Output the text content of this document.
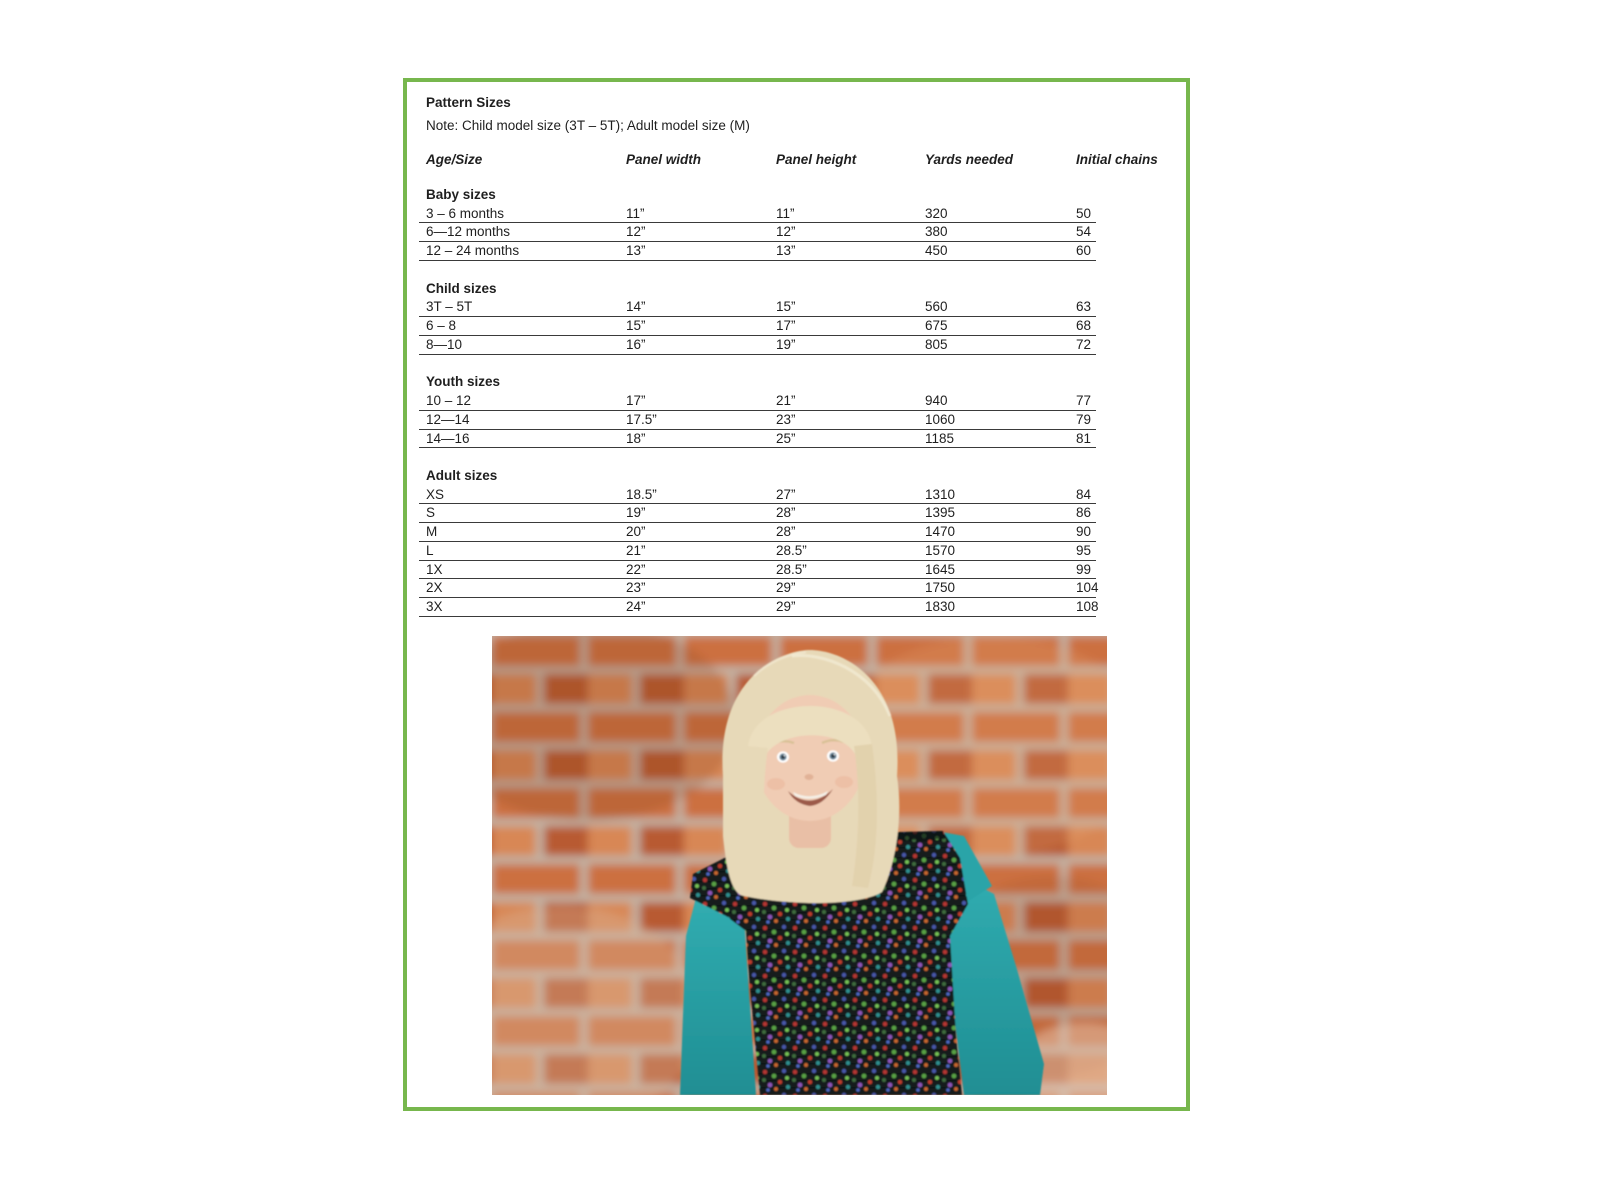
Pattern Sizes
Note: Child model size (3T – 5T); Adult model size (M)
Age/Size	Panel width	Panel height	Yards needed	Initial chains
Baby sizes
3 – 6 months	11”	11”	320	50
6—12 months	12”	12”	380	54
12 – 24 months	13”	13”	450	60
Child sizes
3T – 5T	14”	15”	560	63
6 – 8	15”	17”	675	68
8—10	16”	19”	805	72
Youth sizes
10 – 12	17”	21”	940	77
12—14	17.5”	23”	1060	79
14—16	18”	25”	1185	81
Adult sizes
XS	18.5”	27”	1310	84
S	19”	28”	1395	86
M	20”	28”	1470	90
L	21”	28.5”	1570	95
1X	22”	28.5”	1645	99
2X	23”	29”	1750	104
3X	24”	29”	1830	108
